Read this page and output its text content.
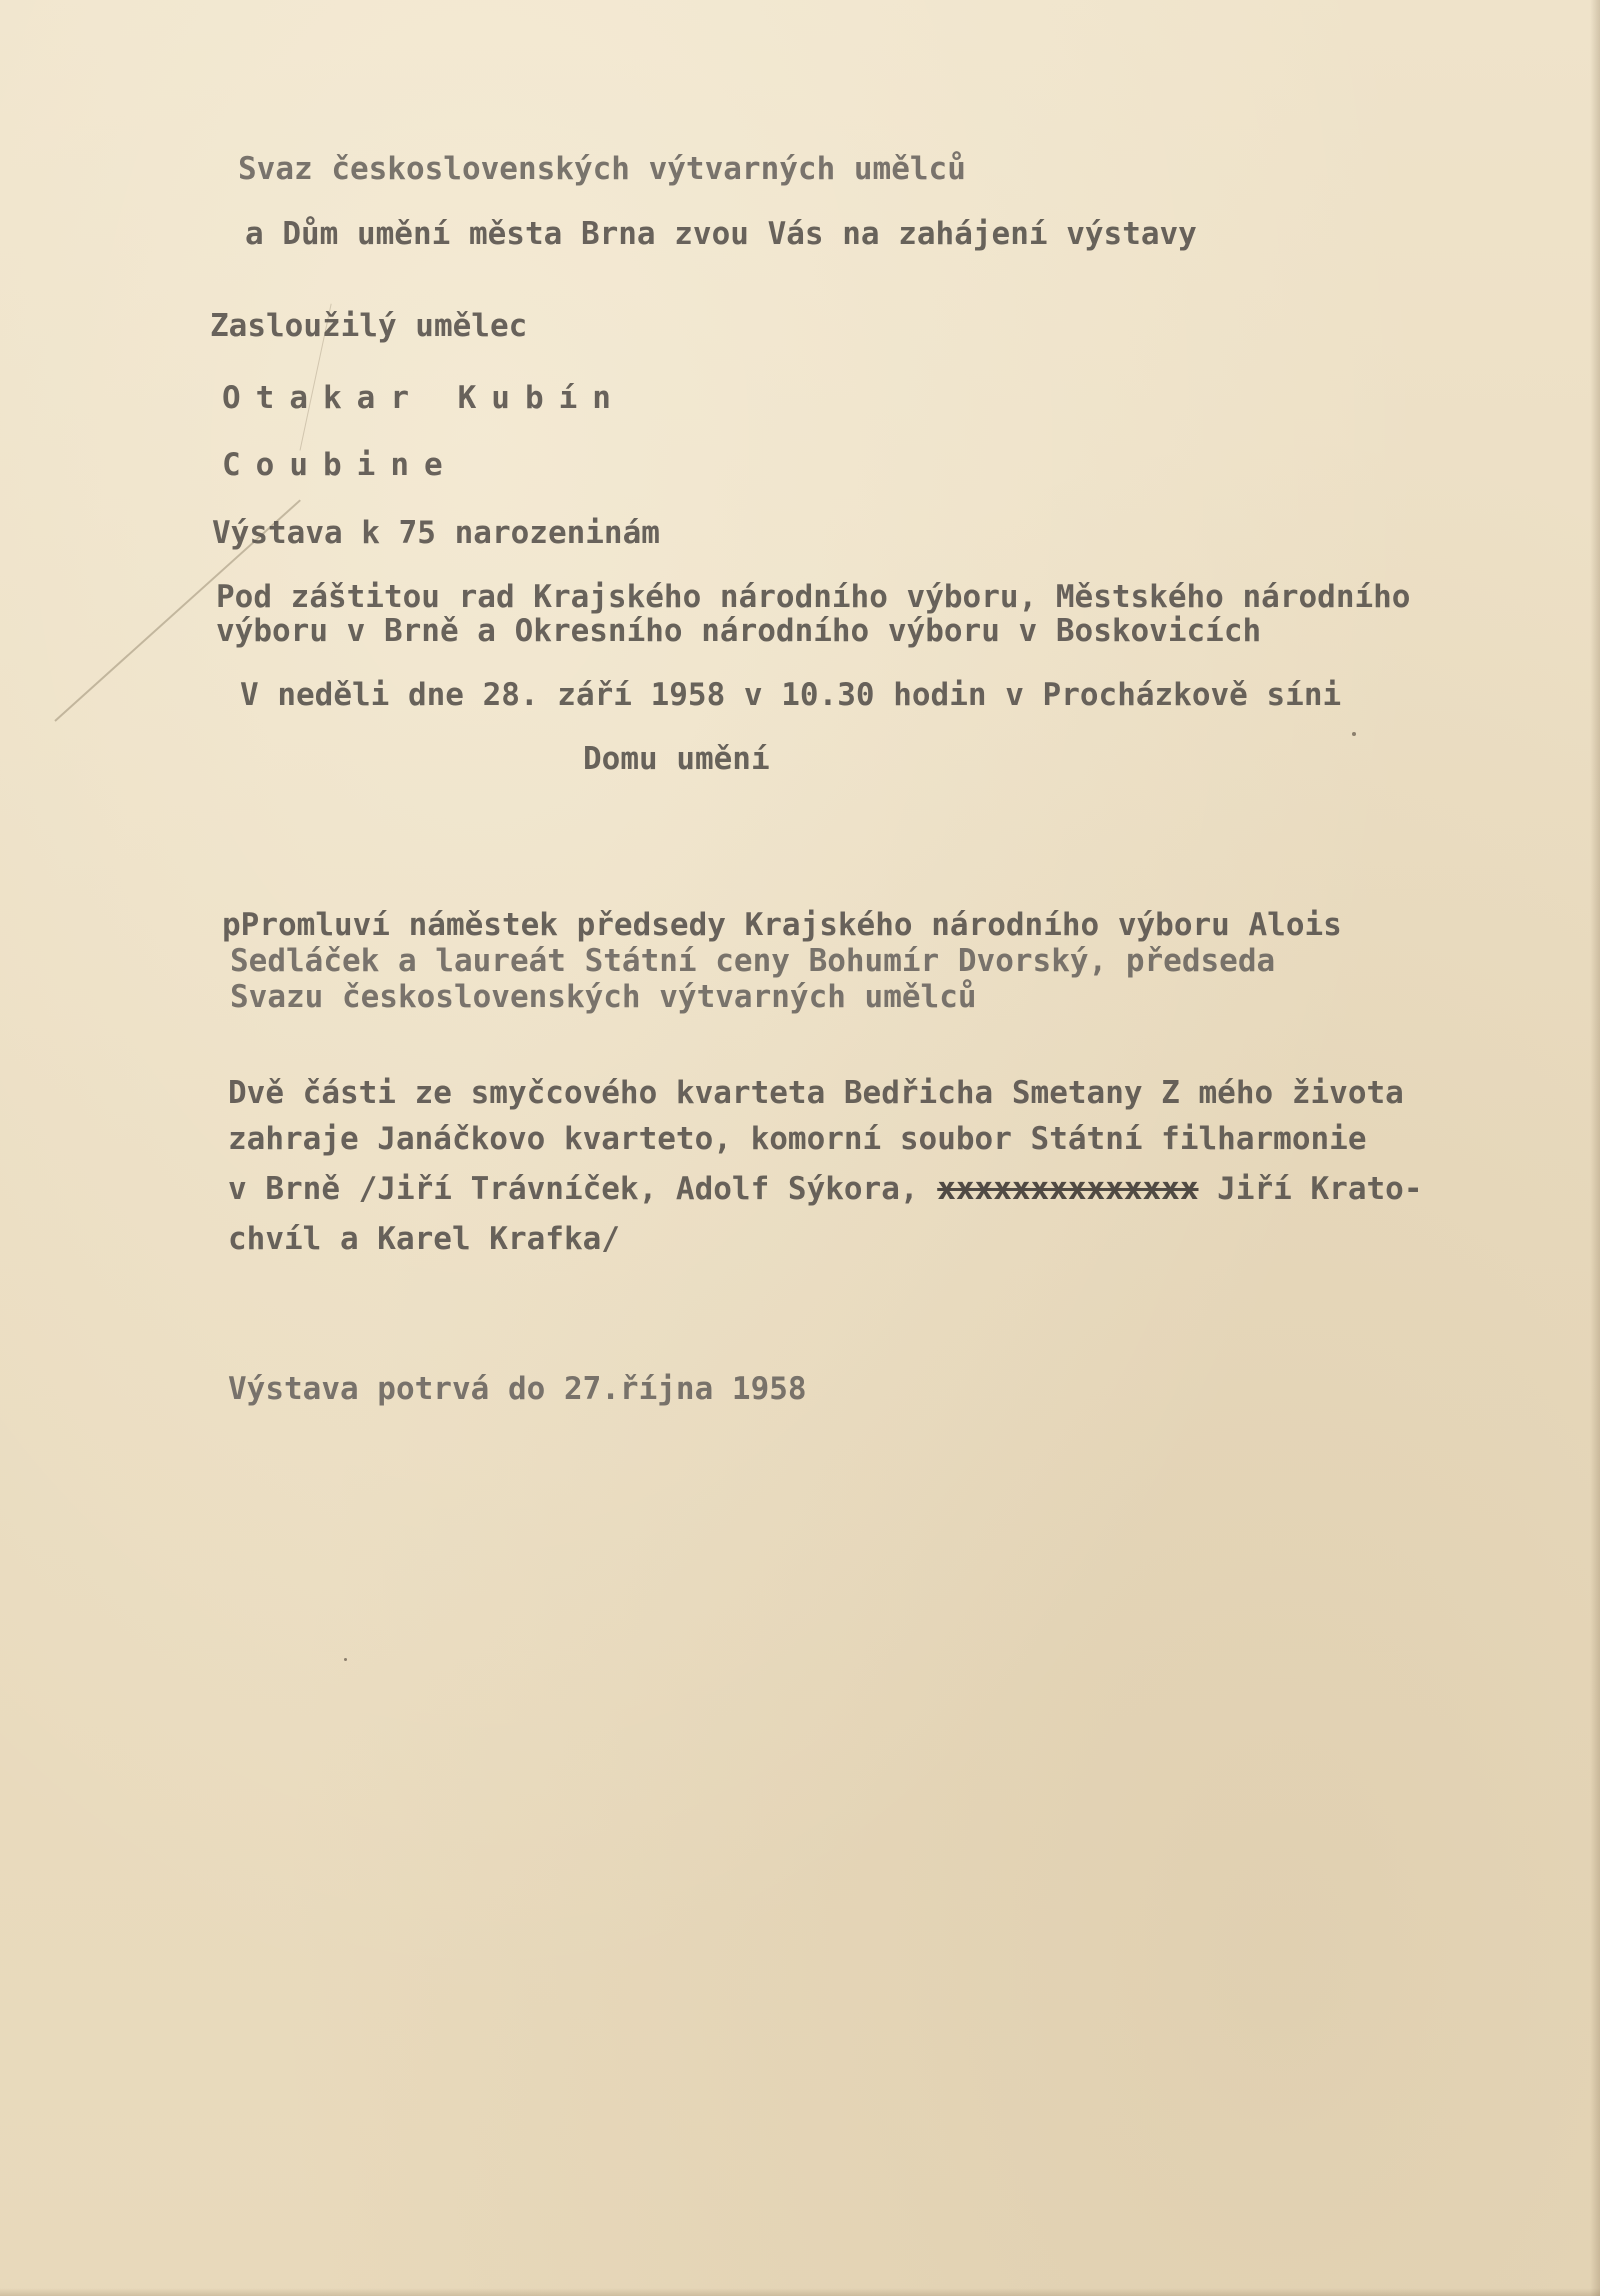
Svaz československých výtvarných umělců

a Dům umění města Brna zvou Vás na zahájení výstavy

Zasloužilý umělec

Otakar Kubín

Coubine

Výstava k 75 narozeninám

Pod záštitou rad Krajského národního výboru, Městského národního

výboru v Brně a Okresního národního výboru v Boskovicích

V neděli dne 28. září 1958 v 10.30 hodin v Procházkově síni

Domu umění

pPromluví náměstek předsedy Krajského národního výboru Alois

Sedláček a laureát Státní ceny Bohumír Dvorský, předseda

Svazu československých výtvarných umělců

Dvě části ze smyčcového kvarteta Bedřicha Smetany Z mého života

zahraje Janáčkovo kvarteto, komorní soubor Státní filharmonie

v Brně /Jiří Trávníček, Adolf Sýkora, xxxxxxxxxxxxxx Jiří Krato-

chvíl a Karel Krafka/

Výstava potrvá do 27.října 1958
